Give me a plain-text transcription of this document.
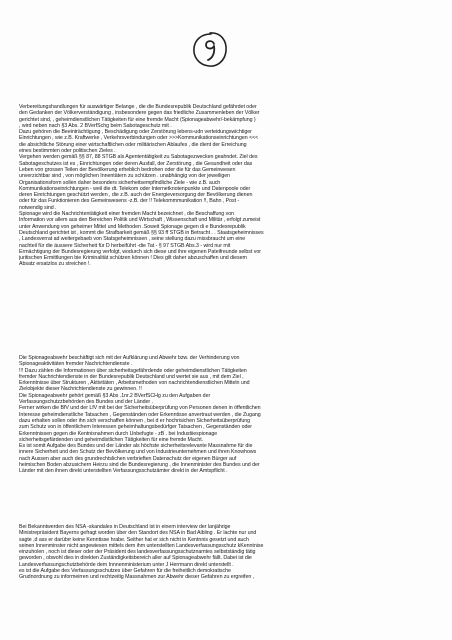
Verbereitungshandlungen für auswärtiger Belange , die die Bundesrepublik Deutschland gefährdet oder
den Gedanken der Völkerverständigung , insbesondere gegen das friedliche Zusammenleben der Völker
gerichtet sind, , geheimdienstlichen Tätigkeiten für eine fremde Macht (Spionageabwehr/-bekämpfung )
, wird neben nach §3 Abs. 2 BVerfSchg beim Sabotageschutz mit .
Dazu gehören die Beeinträchtigung , Beschädigung oder Zerstörung lebens-udn verteidungswichtiger
Einrichtungen , wie z.B. Kraftwerke , Verkehrsverbindungen oder >>>Kommunikationseinrichtungen <<<
die absichtliche Störung einer wirtschaftlichen oder militärischen Ablaufes , die dient der Erreichung
eines bestimmten oder politischen Zieles .
Vergehen werden gemäß §§ 87, 88 STGB als Agententätigkeit zu Sabotagezwecken geahndet. Ziel des
Sabotageschutzes ist es , Einrichtungen oder deren Ausfall, der Zerstörung , die Gesundheit oder das
Leben von grossen Teilen der Bevölkerung erheblich bedrohen oder die für das Gemeinwesen
unverzichtbar sind , von möglichen Innentätern zu schützen . unabhängig von der jeweiligen
Organisationsform sollen daher besonders sicherheitsempfindliche Ziele - wie z.B. auch
Kommunikationseinrichtungen - weil die dt. Telekom oder Internetknotenpunkte und Datenpoole oder
deren Einrichtungen geschützt werden , die z.B. auch der Energieversorgung der Bevölkerung dienen
oder für das Funktionieren des Gemeinwesens -z.B. der !! Telekommmunikation !!, Bahn , Post -
notwendig sind .
Spionage wird die Nachrichtentätigkeit einer fremden Macht bezeichnet , die Beschaffung von
Information vor allem aus den Bereichen Politik und Wirtschaft , Wissenschaft und Militär , erfolgt zumeist
unter Anwendung von geheimer Mittel und Methoden .Soweit Spionage gegen di e Bundesrepublik
Deutschland gerichtet ist , kommt die Strafbarkeit gemäß §§ 93 ff STGB in Betracht . . Staatsgeheimnisses
, Landesverrat ad weitergebaeb von Statsgeheimnissen , seine stellung dazu missbraucht um eine
nachteil für die äussere Sicherheit für D herbeiführt -die Tat - § 97 STGB Abs.3 - wird nur mit
Ermächtigung der Bundesregierung verfolgt, wodurch sich diese und ihre eigenen Pateifreunde selbst vor
juritischen Ermittlungen bie Kriminalität schützen können ! Dies gilt daher abzuschaffen und diesem
Absatz ersatzlos zu streichen !.
Die Spionageabwehr beschäftigt sich mit der Aufklärung und Abwehr bzw. der Verhinderung von
Spionageaktivitäten fremder Nachrichtendienste .
!!! Dazu zählen die Informationen über sicherheitsgefährdende oder geheimdienstlichen Tätigkeiten
fremder Nachrichtendienste in der Bundesrepublik Deutschland und wertet sie aus , mit dem Ziel ,
Erkenntnisse über Strukturen , Aktivitäten , Arbeitsmethoden von nachrichtendienstlichen Mitteln und
Zielobjekte dieser Nachrichtendienste zu gewinnen. !!
Die Spionageabwehr gehört gemäß §3 Abs .1nr.2 BVerfSCHg zu den Aufgaben der
Verfassungschutzzbehörden des Bundes und der Länder .
Ferner wirken die BfV und der LfV mit bei der Sicherheitsüberprüfung von Personen denen in öffentlichen
Interesse geheimdienstliche Tatsachen , Gegenständen oder Erkenntisse anvertraut werden , die Zugang
dazu erhalten sollen oder ihn sich verschaffen können , bei d er hochrisichen Sicherheitsüberprüfung
zum Schutz von in öffentlichem Interessen geheimhaltungsbedürfger Tatsachen , Gegenständen oder
Erkenntnissen gegen die Kentnisnahmen durch Unbefugte - zB . bei Industiiespionage
sicherheitsgefärdenden und geheimdistlichen Tätigkeiten für eine fremde Macht.
Es ist somit Aufgabe des Bundes und der Länder als höchste sicherheitsrelevante Massnahme für die
innere Sicherheit und den Schutz der Bevölkerung und von Industrieunternehmen und ihren Knowhows
nach Aussen aber auch des grundrechtslichen verbrieften Datenschutz der eigenen Bürger auf
heimischen Boden abzusichern Heirzu sind die Bundesregierung , die Innenminister des Bundes und der
Länder mit den ihnen direkt unterstellten Verfassungsschutzämter direkt in der Amtspflicht .
Bei Bekanntwerden des NSA -skandales in Deutschland ist in einem interview der lanjährige
Ministrepräsident Bayerns gefragt worden über den Standort des NSA in Bad Aibling . Er lachte nur und
sagte ,d ass er darübrr keine Kenntisse hrabe. Seither hat er sich nicht in Kentnnis gesetzt und auch
seinen Innenminster nicht angewiesen mittels dem ihm unterstellten Landesverfassungsschutz kKenntnise
einzuholen , noch ist dieser oder der Präsident des landesverfassungsschutznamtes selbstständig tätig
geworden , obwohl dies in direkten Zuständigkeitsbereich aller auf Spionageabwehr fällt. Dabei ist die
Landesverfassungschutzbehörde dem Innnenministerium unter J Herrmann direkt unterstellt .
es ist die Aufgabe des Verfassungsschutzes über Gefahren für die freiheitlich demokratische
Grudnordnung zu informeirren und rechtzeitig Massnahmen zur Abwehr dieser Gefahren zu ergreifen ,
